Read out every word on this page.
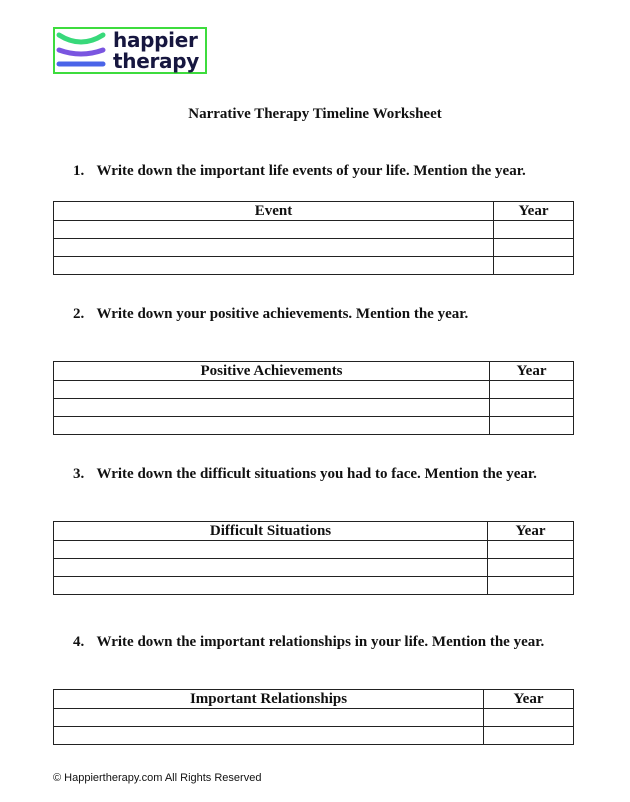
happier
therapy
Narrative Therapy Timeline Worksheet
1. Write down the important life events of your life. Mention the year.
Event	Year

2. Write down your positive achievements. Mention the year.
Positive Achievements	Year

3. Write down the difficult situations you had to face. Mention the year.
Difficult Situations	Year

4. Write down the important relationships in your life. Mention the year.
Important Relationships	Year

© Happiertherapy.com All Rights Reserved
